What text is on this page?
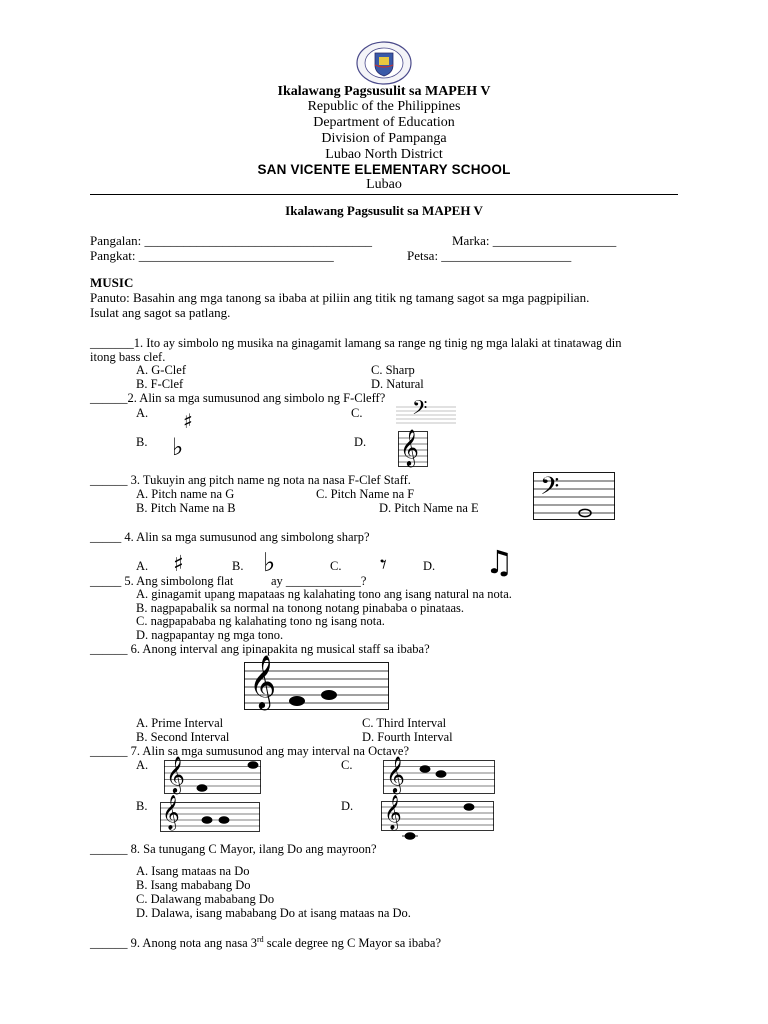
Ikalawang Pagsusulit sa MAPEH V
Republic of the Philippines
Department of Education
Division of Pampanga
Lubao North District
SAN VICENTE ELEMENTARY SCHOOL
Lubao
Ikalawang Pagsusulit sa MAPEH V
Pangalan: ___________________________________	Marka: ___________________
Pangkat: ______________________________	Petsa: ____________________
MUSIC
Panuto: Basahin ang mga tanong sa ibaba at piliin ang titik ng tamang sagot sa mga pagpipilian.
Isulat ang sagot sa patlang.
_______1. Ito ay simbolo ng musika na ginagamit lamang sa range ng tinig ng mga lalaki at tinatawag din
itong bass clef.
A. G-Clef	C. Sharp
B. F-Clef	D. Natural
______2. Alin sa mga sumusunod ang simbolo ng F-Cleff?
A. ♯	C. 𝄢
B. ♭	D. 𝄞
______ 3. Tukuyin ang pitch name ng nota na nasa F-Clef Staff.
A. Pitch name na G	C. Pitch Name na F
B. Pitch Name na B	D. Pitch Name na E
𝄢
_____ 4. Alin sa mga sumusunod ang simbolong sharp?
A. ♯	B. ♭	C. 𝄾	D. ♫
_____ 5. Ang simbolong flat	ay ____________?
A. ginagamit upang mapataas ng kalahating tono ang isang natural na nota.
B. nagpapabalik sa normal na tonong notang pinababa o pinataas.
C. nagpapababa ng kalahating tono ng isang nota.
D. nagpapantay ng mga tono.
______ 6. Anong interval ang ipinapakita ng musical staff sa ibaba?
𝄞
A. Prime Interval	C. Third Interval
B. Second Interval	D. Fourth Interval
______ 7. Alin sa mga sumusunod ang may interval na Octave?
A. 𝄞	C. 𝄞
B. 𝄞	D. 𝄞
______ 8. Sa tunugang C Mayor, ilang Do ang mayroon?
A. Isang mataas na Do
B. Isang mababang Do
C. Dalawang mababang Do
D. Dalawa, isang mababang Do at isang mataas na Do.
______ 9. Anong nota ang nasa 3rd scale degree ng C Mayor sa ibaba?
